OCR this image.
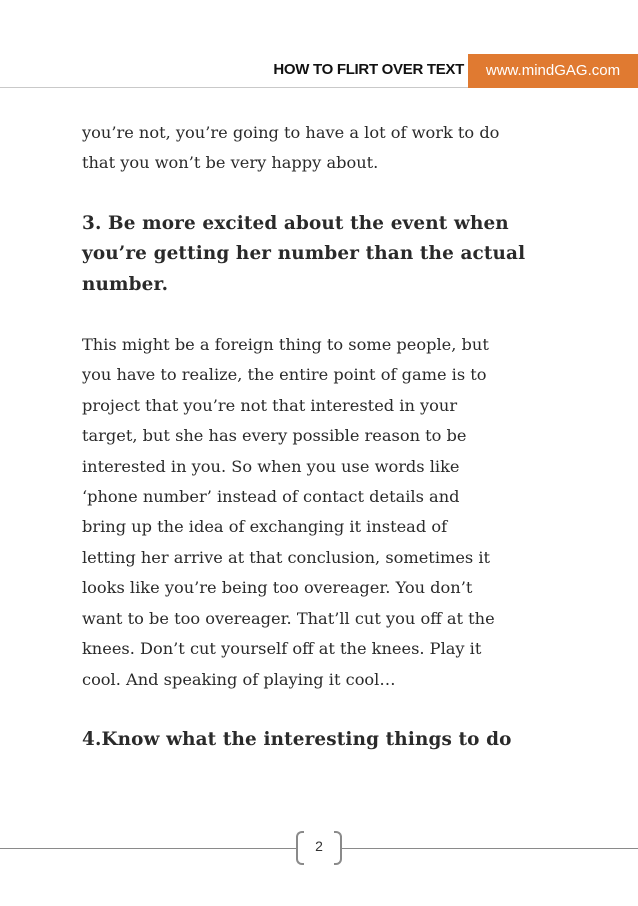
HOW TO FLIRT OVER TEXT	www.mindGAG.com
you’re not, you’re going to have a lot of work to do
that you won’t be very happy about.
3. Be more excited about the event when
you’re getting her number than the actual
number.
This might be a foreign thing to some people, but
you have to realize, the entire point of game is to
project that you’re not that interested in your
target, but she has every possible reason to be
interested in you. So when you use words like
‘phone number’ instead of contact details and
bring up the idea of exchanging it instead of
letting her arrive at that conclusion, sometimes it
looks like you’re being too overeager. You don’t
want to be too overeager. That’ll cut you off at the
knees. Don’t cut yourself off at the knees. Play it
cool. And speaking of playing it cool…
4.Know what the interesting things to do
2
